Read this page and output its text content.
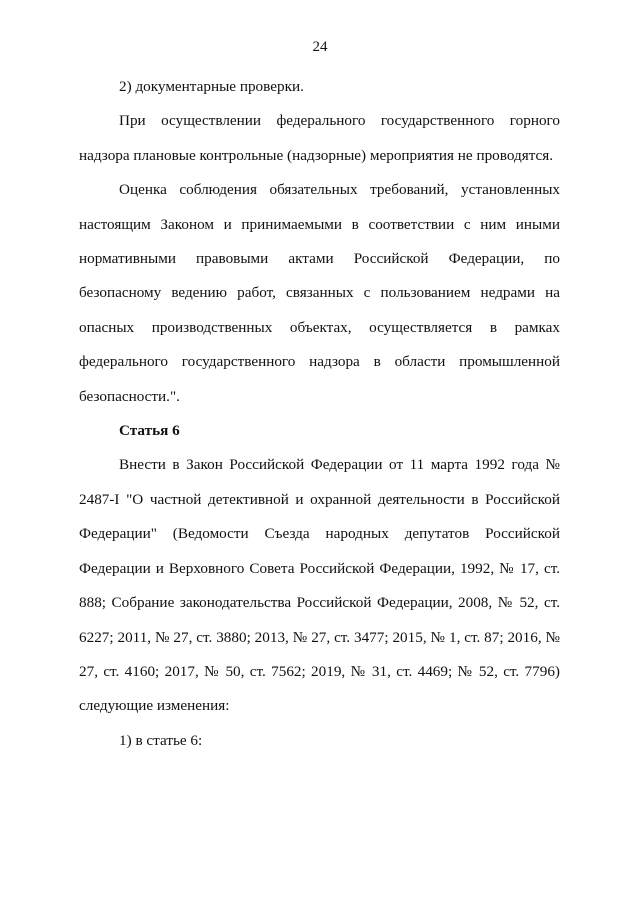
24

2) документарные проверки.

При осуществлении федерального государственного горного надзора плановые контрольные (надзорные) мероприятия не проводятся.

Оценка соблюдения обязательных требований, установленных настоящим Законом и принимаемыми в соответствии с ним иными нормативными правовыми актами Российской Федерации, по безопасному ведению работ, связанных с пользованием недрами на опасных производственных объектах, осуществляется в рамках федерального государственного надзора в области промышленной безопасности.".

Статья 6

Внести в Закон Российской Федерации от 11 марта 1992 года № 2487-I "О частной детективной и охранной деятельности в Российской Федерации" (Ведомости Съезда народных депутатов Российской Федерации и Верховного Совета Российской Федерации, 1992, № 17, ст. 888; Собрание законодательства Российской Федерации, 2008, № 52, ст. 6227; 2011, № 27, ст. 3880; 2013, № 27, ст. 3477; 2015, № 1, ст. 87; 2016, № 27, ст. 4160; 2017, № 50, ст. 7562; 2019, № 31, ст. 4469; № 52, ст. 7796) следующие изменения:

1) в статье 6:
